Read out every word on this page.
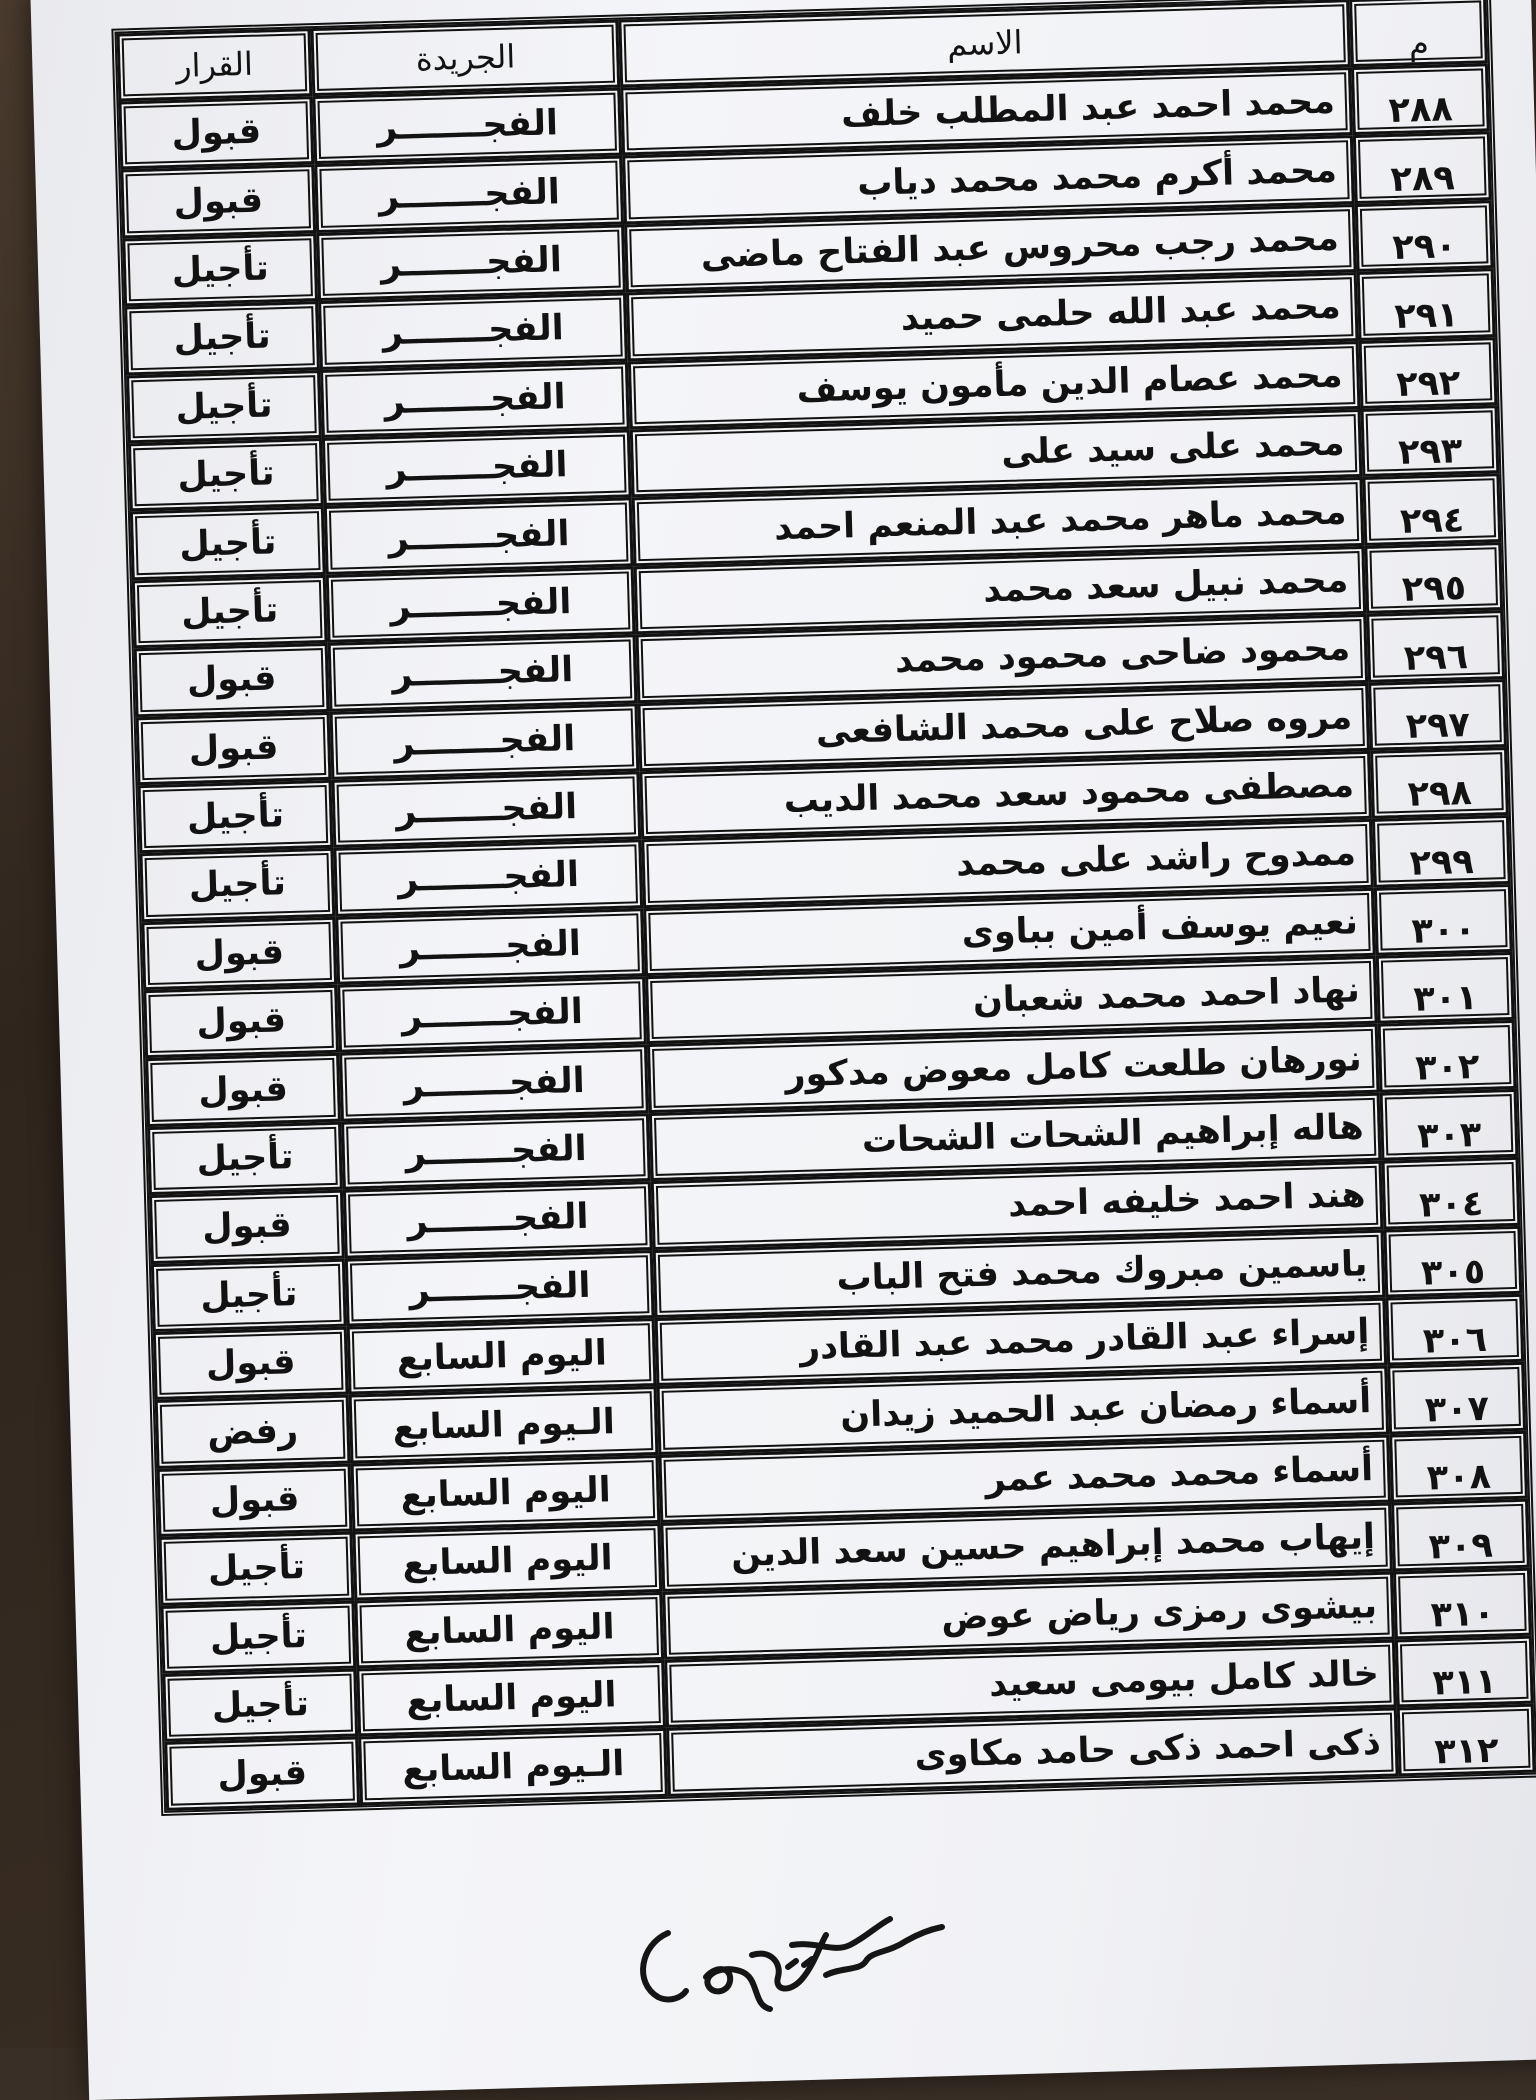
م	الاسم	الجريدة	القرار
٢٨٨	محمد احمد عبد المطلب خلف	الفجـــــــر	قبول
٢٨٩	محمد أكرم محمد محمد دياب	الفجـــــــر	قبول
٢٩٠	محمد رجب محروس عبد الفتاح ماضى	الفجـــــــر	تأجيل
٢٩١	محمد عبد الله حلمى حميد	الفجـــــــر	تأجيل
٢٩٢	محمد عصام الدين مأمون يوسف	الفجـــــــر	تأجيل
٢٩٣	محمد على سيد على	الفجـــــــر	تأجيل
٢٩٤	محمد ماهر محمد عبد المنعم احمد	الفجـــــــر	تأجيل
٢٩٥	محمد نبيل سعد محمد	الفجـــــــر	تأجيل
٢٩٦	محمود ضاحى محمود محمد	الفجـــــــر	قبول
٢٩٧	مروه صلاح على محمد الشافعى	الفجـــــــر	قبول
٢٩٨	مصطفى محمود سعد محمد الديب	الفجـــــــر	تأجيل
٢٩٩	ممدوح راشد على محمد	الفجـــــــر	تأجيل
٣٠٠	نعيم يوسف أمين بباوى	الفجـــــــر	قبول
٣٠١	نهاد احمد محمد شعبان	الفجـــــــر	قبول
٣٠٢	نورهان طلعت كامل معوض مدكور	الفجـــــــر	قبول
٣٠٣	هاله إبراهيم الشحات الشحات	الفجـــــــر	تأجيل
٣٠٤	هند احمد خليفه احمد	الفجـــــــر	قبول
٣٠٥	ياسمين مبروك محمد فتح الباب	الفجـــــــر	تأجيل
٣٠٦	إسراء عبد القادر محمد عبد القادر	اليوم السابع	قبول
٣٠٧	أسماء رمضان عبد الحميد زيدان	الـيوم السابع	رفض
٣٠٨	أسماء محمد محمد عمر	اليوم السابع	قبول
٣٠٩	إيهاب محمد إبراهيم حسين سعد الدين	اليوم السابع	تأجيل
٣١٠	بيشوى رمزى رياض عوض	اليوم السابع	تأجيل
٣١١	خالد كامل بيومى سعيد	اليوم السابع	تأجيل
٣١٢	ذكى احمد ذكى حامد مكاوى	الـيوم السابع	قبول
